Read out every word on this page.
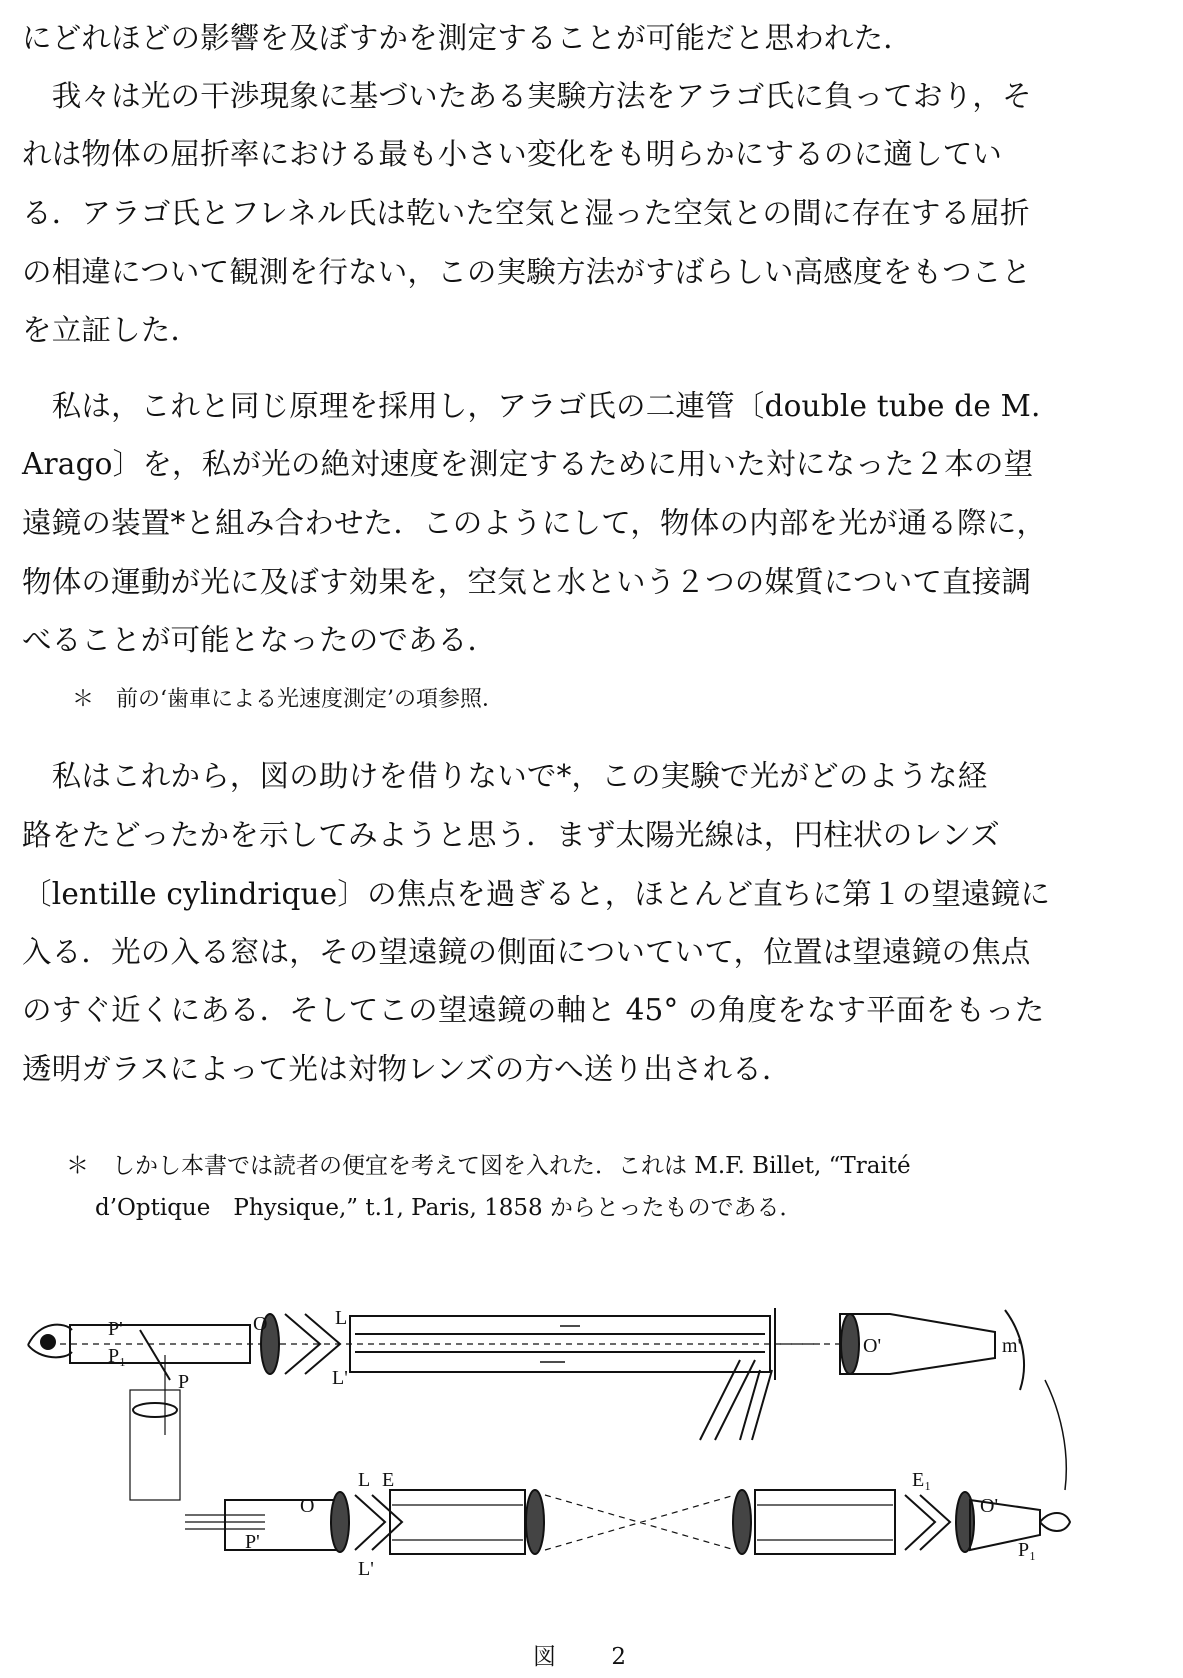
にどれほどの影響を及ぼすかを測定することが可能だと思われた．
　我々は光の干渉現象に基づいたある実験方法をアラゴ氏に負っており，そ
れは物体の屈折率における最も小さい変化をも明らかにするのに適してい
る．アラゴ氏とフレネル氏は乾いた空気と湿った空気との間に存在する屈折
の相違について観測を行ない，この実験方法がすばらしい高感度をもつこと
を立証した．
　私は，これと同じ原理を採用し，アラゴ氏の二連管〔double tube de M.
Arago〕を，私が光の絶対速度を測定するために用いた対になった２本の望
遠鏡の装置*と組み合わせた．このようにして，物体の内部を光が通る際に，
物体の運動が光に及ぼす効果を，空気と水という２つの媒質について直接調
べることが可能となったのである．
＊　前の‘歯車による光速度測定’の項参照．
　私はこれから，図の助けを借りないで*，この実験で光がどのような経
路をたどったかを示してみようと思う．まず太陽光線は，円柱状のレンズ
〔lentille cylindrique〕の焦点を過ぎると，ほとんど直ちに第１の望遠鏡に
入る．光の入る窓は，その望遠鏡の側面についていて，位置は望遠鏡の焦点
のすぐ近くにある．そしてこの望遠鏡の軸と 45° の角度をなす平面をもった
透明ガラスによって光は対物レンズの方へ送り出される．
＊　しかし本書では読者の便宜を考えて図を入れた．これは M.F. Billet, “Traité
d’Optique　Physique,” t.1, Paris, 1858 からとったものである．
P'
P₁
P
O	L
L'
O'	m'
P'
O
L E
L'
E₁
O'
P₁
図 2
